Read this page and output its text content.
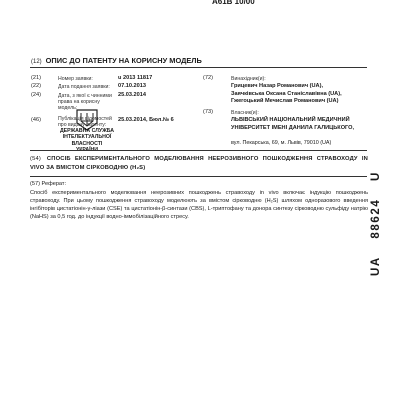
A61B 10/00
ДЕРЖАВНА СЛУЖБА
ІНТЕЛЕКТУАЛЬНОЇ
ВЛАСНОСТІ
УКРАЇНИ
(12) ОПИС ДО ПАТЕНТУ НА КОРИСНУ МОДЕЛЬ
(21)	Номер заявки:	u 2013 11817
(22)	Дата подання заявки: 07.10.2013
(24)	Дата, з якої є чинними права на корисну модель:
25.03.2014
(46)	Публікація відомостей про видачу патенту:
25.03.2014, Бюл.№ 6
(72)	Винахідник(и):
Грицевич Назар Романович (UA),
Заячківська Оксана Станіславівна (UA),
Гжегоцький Мечислав Романович (UA)
(73)	Власник(и):
ЛЬВІВСЬКИЙ НАЦІОНАЛЬНИЙ МЕДИЧНИЙ УНІВЕРСИТЕТ ІМЕНІ ДАНИЛА ГАЛИЦЬКОГО,
вул. Пекарська, 69, м. Львів, 79010 (UA)
(54) СПОСІБ ЕКСПЕРИМЕНТАЛЬНОГО МОДЕЛЮВАННЯ НЕЕРОЗИВНОГО ПОШКОДЖЕННЯ СТРАВОХОДУ IN VIVO ЗА ВМІСТОМ СІРКОВОДНЮ (H₂S)
(57) Реферат:
Спосіб експериментального моделювання неерозивних пошкоджень стравоходу in vivo включає індукцію пошкоджень стравоходу. При цьому пошкодження стравоходу моделюють за вмістом сірководню (H₂S) шляхом одноразового введення інгібіторів цистатіонін-γ-ліази (CSE) та цистатіонін-β-синтази (CBS), L-триптофану та донора синтезу сірководню сульфіду натрію (NaHS) за 0,5 год. до індукції водно-іммобілізаційного стресу.
UA  88624  U
